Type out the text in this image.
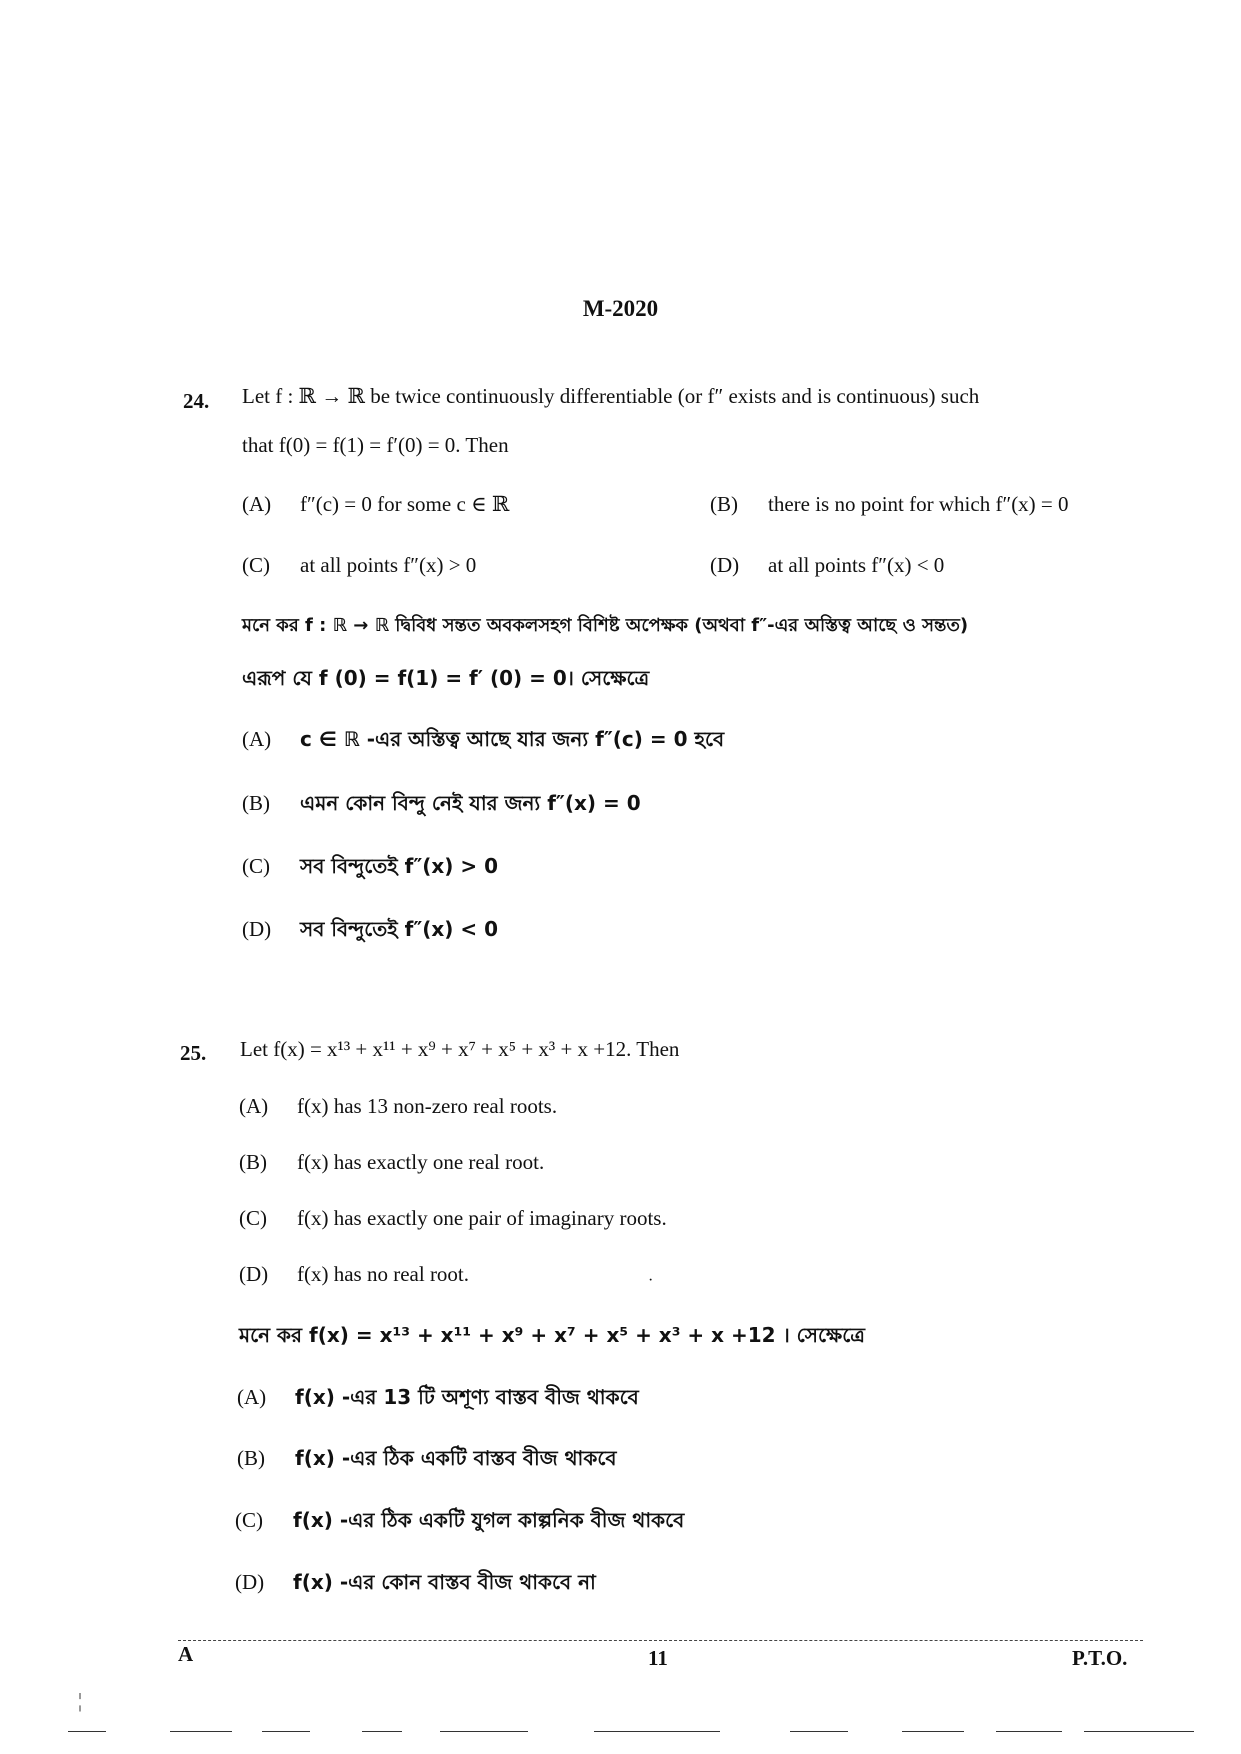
M-2020
24. Let f : ℝ → ℝ be twice continuously differentiable (or f″ exists and is continuous) such
that f(0) = f(1) = f′(0) = 0. Then
(A) f″(c) = 0 for some c ∈ ℝ	(B) there is no point for which f″(x) = 0
(C) at all points f″(x) > 0	(D) at all points f″(x) < 0
মনে কর f : ℝ → ℝ দ্বিবিধ সন্তত অবকলসহগ বিশিষ্ট অপেক্ষক (অথবা f″-এর অস্তিত্ব আছে ও সন্তত)
এরূপ যে f (0) = f(1) = f′ (0) = 0। সেক্ষেত্রে
(A) c ∈ ℝ -এর অস্তিত্ব আছে যার জন্য f″(c) = 0 হবে
(B) এমন কোন বিন্দু নেই যার জন্য f″(x) = 0
(C) সব বিন্দুতেই f″(x) > 0
(D) সব বিন্দুতেই f″(x) < 0
25. Let f(x) = x¹³ + x¹¹ + x⁹ + x⁷ + x⁵ + x³ + x +12. Then
(A) f(x) has 13 non-zero real roots.
(B) f(x) has exactly one real root.
(C) f(x) has exactly one pair of imaginary roots.
(D) f(x) has no real root.	·
মনে কর f(x) = x¹³ + x¹¹ + x⁹ + x⁷ + x⁵ + x³ + x +12 । সেক্ষেত্রে
(A) f(x) -এর 13 টি অশূণ্য বাস্তব বীজ থাকবে
(B) f(x) -এর ঠিক একটি বাস্তব বীজ থাকবে
(C) f(x) -এর ঠিক একটি যুগল কাল্পনিক বীজ থাকবে
(D) f(x) -এর কোন বাস্তব বীজ থাকবে না
A	11	P.T.O.
¦
